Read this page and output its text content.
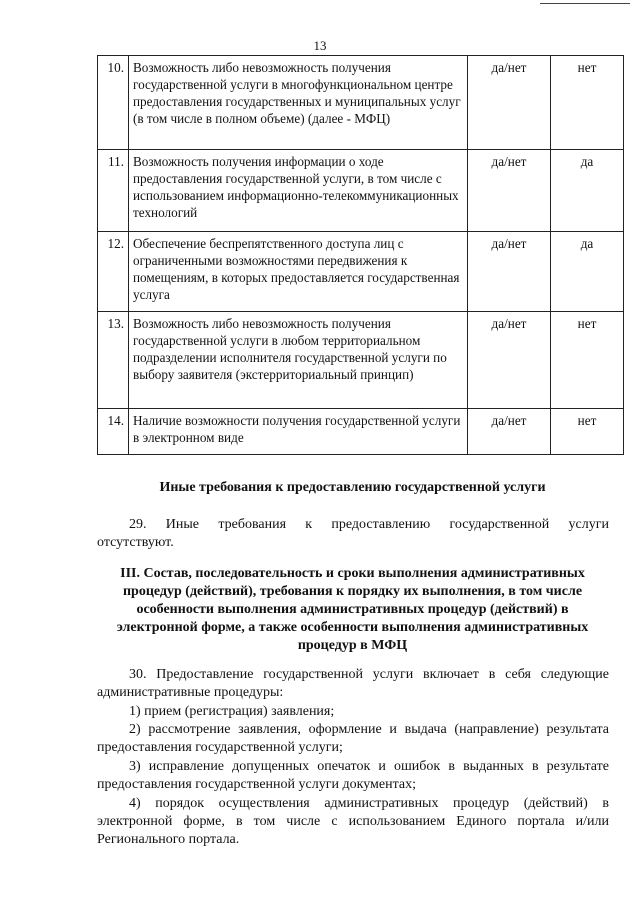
13
10.	Возможность либо невозможность получения государственной услуги в многофункциональном центре предоставления государственных и муниципальных услуг (в том числе в полном объеме) (далее - МФЦ)	да/нет	нет
11.	Возможность получения информации о ходе предоставления государственной услуги, в том числе с использованием информационно-телекоммуникационных технологий	да/нет	да
12.	Обеспечение беспрепятственного доступа лиц с ограниченными возможностями передвижения к помещениям, в которых предоставляется государственная услуга	да/нет	да
13.	Возможность либо невозможность получения государственной услуги в любом территориальном подразделении исполнителя государственной услуги по выбору заявителя (экстерриториальный принцип)	да/нет	нет
14.	Наличие возможности получения государственной услуги в электронном виде	да/нет	нет
Иные требования к предоставлению государственной услуги

29. Иные требования к предоставлению государственной услуги

отсутствуют.

III. Состав, последовательность и сроки выполнения административных
процедур (действий), требования к порядку их выполнения, в том числе
особенности выполнения административных процедур (действий) в
электронной форме, а также особенности выполнения административных
процедур в МФЦ

30. Предоставление государственной услуги включает в себя следующие административные процедуры:

1) прием (регистрация) заявления;

2) рассмотрение заявления, оформление и выдача (направление) результата предоставления государственной услуги;

3) исправление допущенных опечаток и ошибок в выданных в результате предоставления государственной услуги документах;

4) порядок осуществления административных процедур (действий) в электронной форме, в том числе с использованием Единого портала и/или Регионального портала.
